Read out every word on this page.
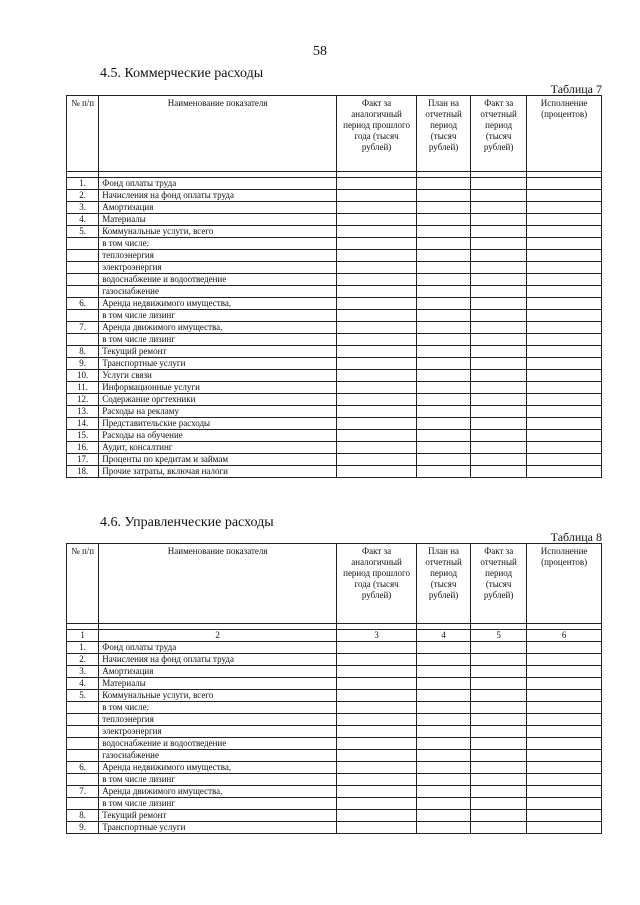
58
4.5. Коммерческие расходы
Таблица 7
№ п/п	Наименование показателя	Факт за аналогичный период прошлого года (тысяч рублей)	План на отчетный период (тысяч рублей)	Факт за отчетный период (тысяч рублей)	Исполнение (процентов)

1.	Фонд оплаты труда				
2.	Начисления на фонд оплаты труда				
3.	Амортизация				
4.	Материалы				
5.	Коммунальные услуги, всего				
	в том числе:				
	теплоэнергия				
	электроэнергия				
	водоснабжение и водоотведение				
	газоснабжение				
6.	Аренда недвижимого имущества,				
	в том числе лизинг				
7.	Аренда движимого имущества,				
	в том числе лизинг				
8.	Текущий ремонт				
9.	Транспортные услуги				
10.	Услуги связи				
11.	Информационные услуги				
12.	Содержание оргтехники				
13.	Расходы на рекламу				
14.	Представительские расходы				
15.	Расходы на обучение				
16.	Аудит, консалтинг				
17.	Проценты по кредитам и займам				
18.	Прочие затраты, включая налоги				
4.6. Управленческие расходы
Таблица 8
№ п/п	Наименование показателя	Факт за аналогичный период прошлого года (тысяч рублей)	План на отчетный период (тысяч рублей)	Факт за отчетный период (тысяч рублей)	Исполнение (процентов)

1	2	3	4	5	6
1.	Фонд оплаты труда				
2.	Начисления на фонд оплаты труда				
3.	Амортизация				
4.	Материалы				
5.	Коммунальные услуги, всего				
	в том числе:				
	теплоэнергия				
	электроэнергия				
	водоснабжение и водоотведение				
	газоснабжение				
6.	Аренда недвижимого имущества,				
	в том числе лизинг				
7.	Аренда движимого имущества,				
	в том числе лизинг				
8.	Текущий ремонт				
9.	Транспортные услуги				
